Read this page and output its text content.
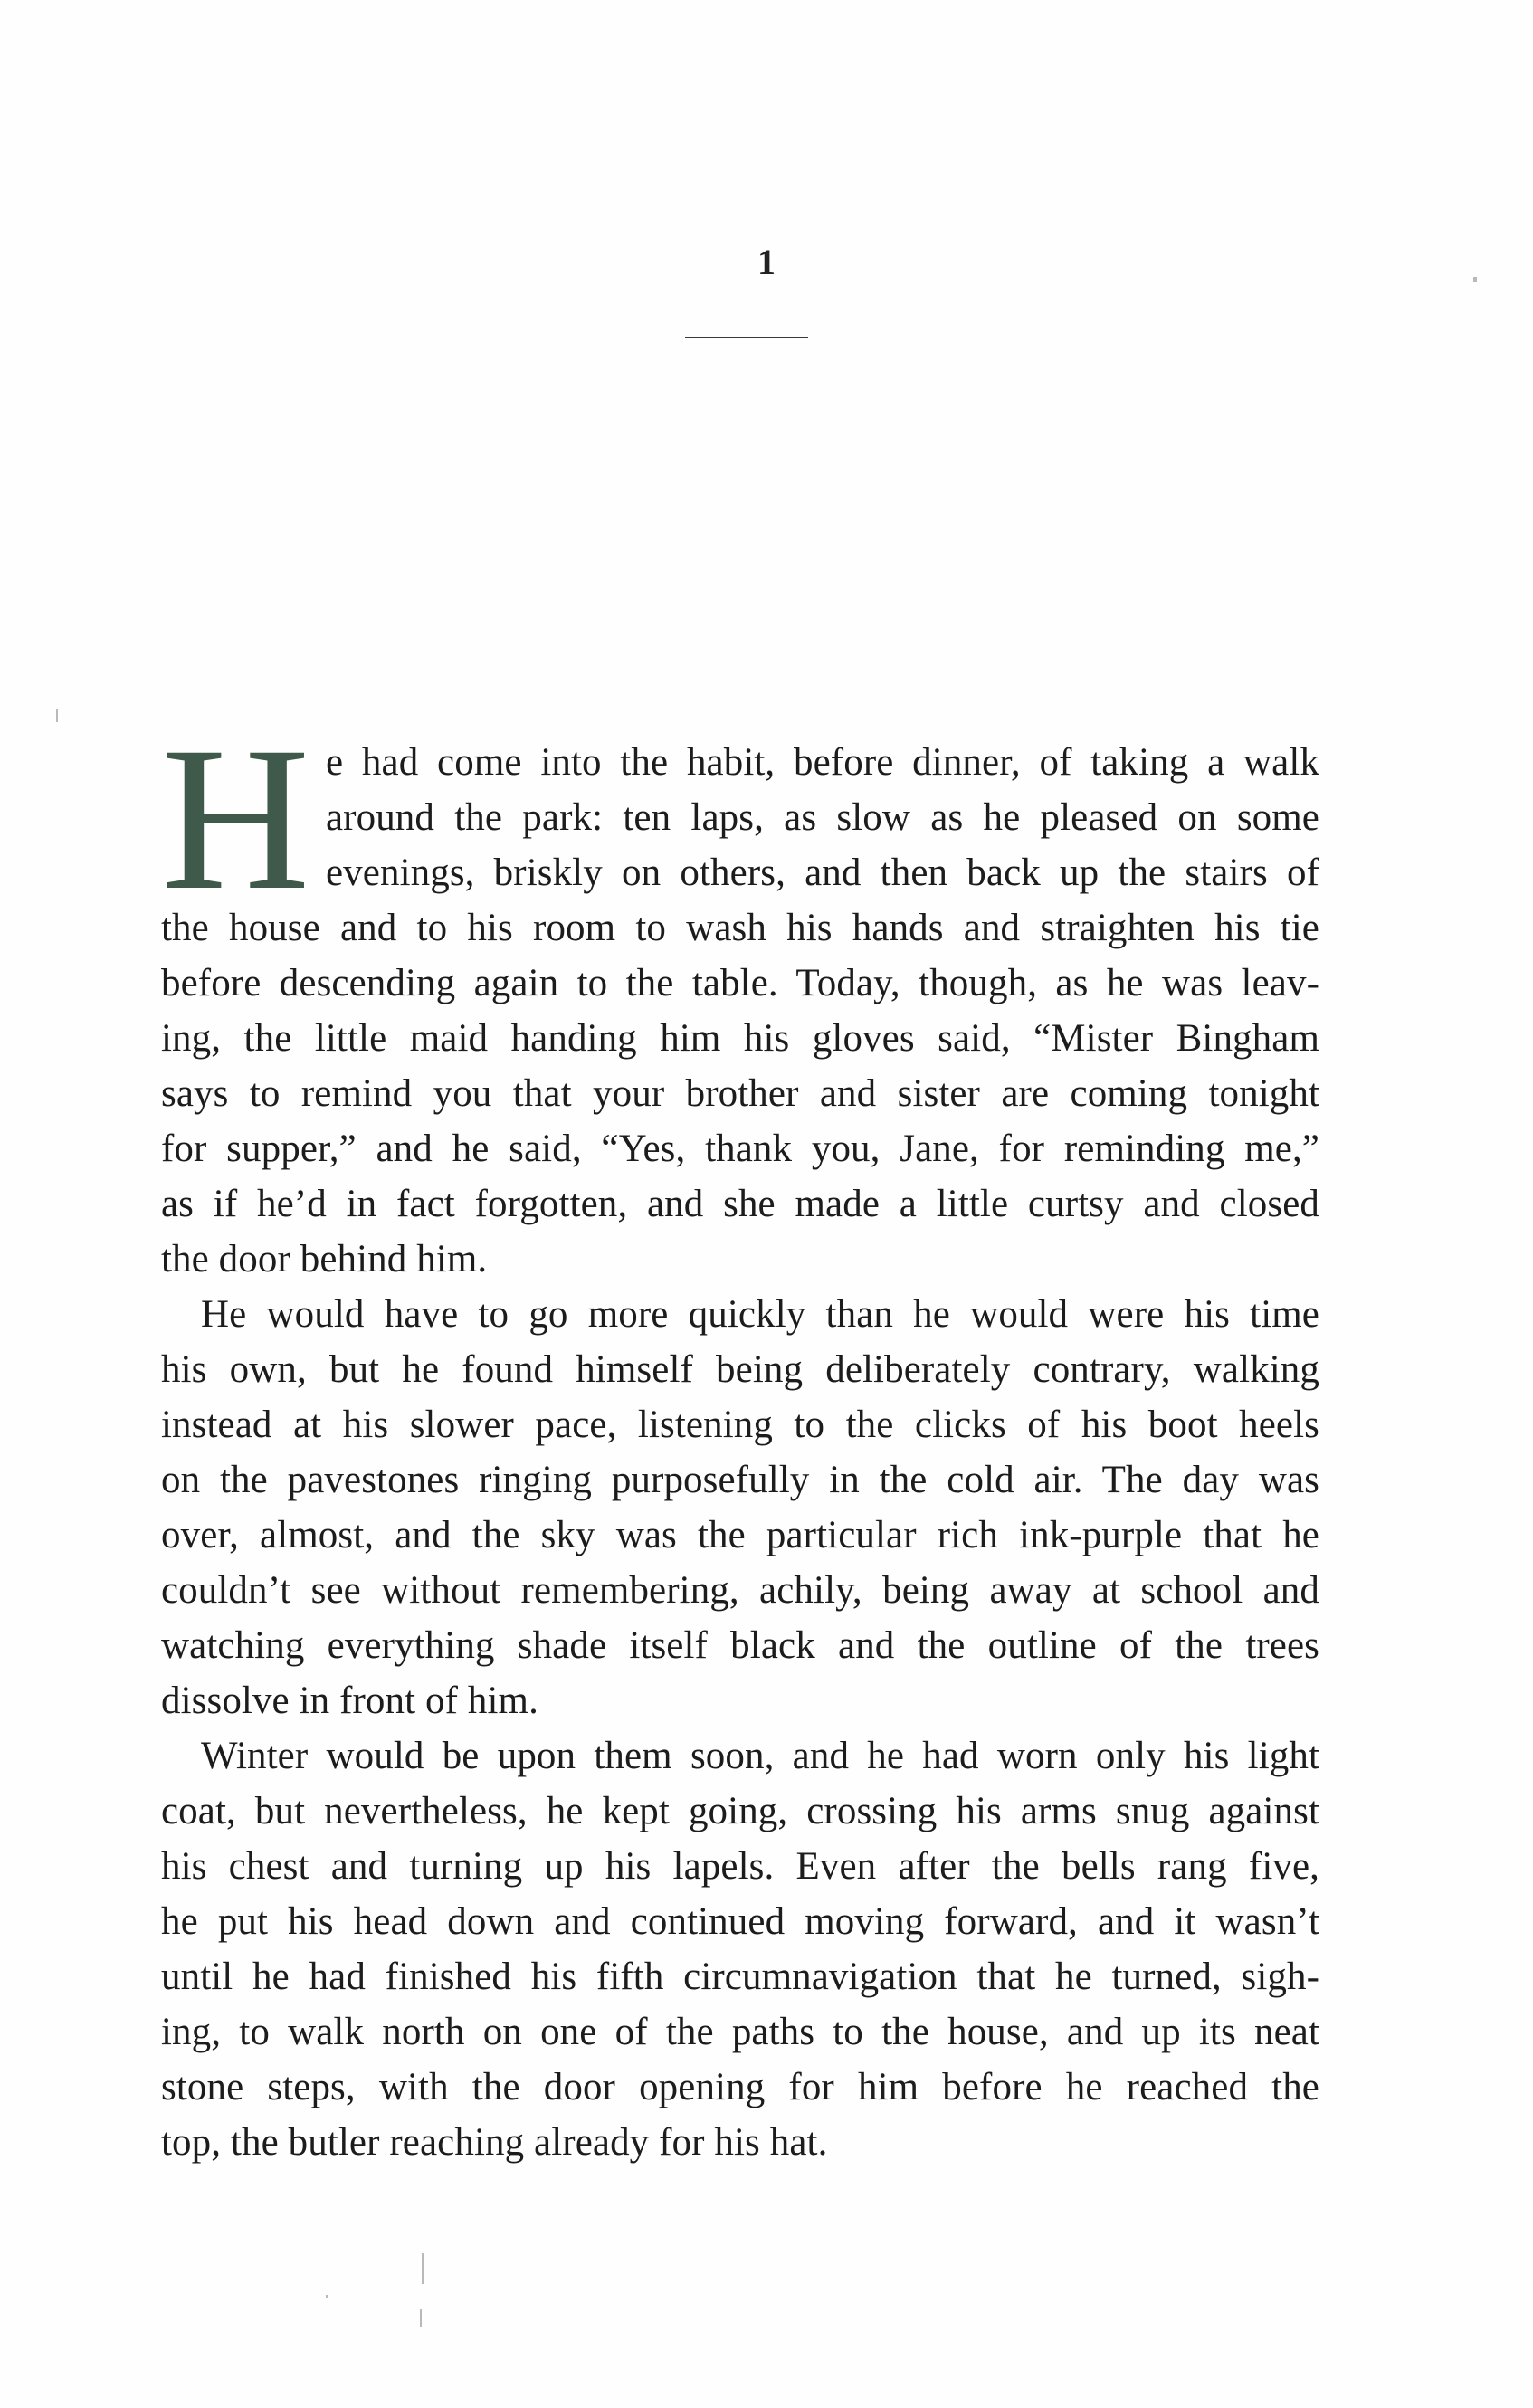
1

H e had come into the habit, before dinner, of taking a walk
around the park: ten laps, as slow as he pleased on some
evenings, briskly on others, and then back up the stairs of
the house and to his room to wash his hands and straighten his tie
before descending again to the table. Today, though, as he was leav-
ing, the little maid handing him his gloves said, “Mister Bingham
says to remind you that your brother and sister are coming tonight
for supper,” and he said, “Yes, thank you, Jane, for reminding me,”
as if he’d in fact forgotten, and she made a little curtsy and closed
the door behind him.

He would have to go more quickly than he would were his time
his own, but he found himself being deliberately contrary, walking
instead at his slower pace, listening to the clicks of his boot heels
on the pavestones ringing purposefully in the cold air. The day was
over, almost, and the sky was the particular rich ink-purple that he
couldn’t see without remembering, achily, being away at school and
watching everything shade itself black and the outline of the trees
dissolve in front of him.

Winter would be upon them soon, and he had worn only his light
coat, but nevertheless, he kept going, crossing his arms snug against
his chest and turning up his lapels. Even after the bells rang five,
he put his head down and continued moving forward, and it wasn’t
until he had finished his fifth circumnavigation that he turned, sigh-
ing, to walk north on one of the paths to the house, and up its neat
stone steps, with the door opening for him before he reached the
top, the butler reaching already for his hat.
